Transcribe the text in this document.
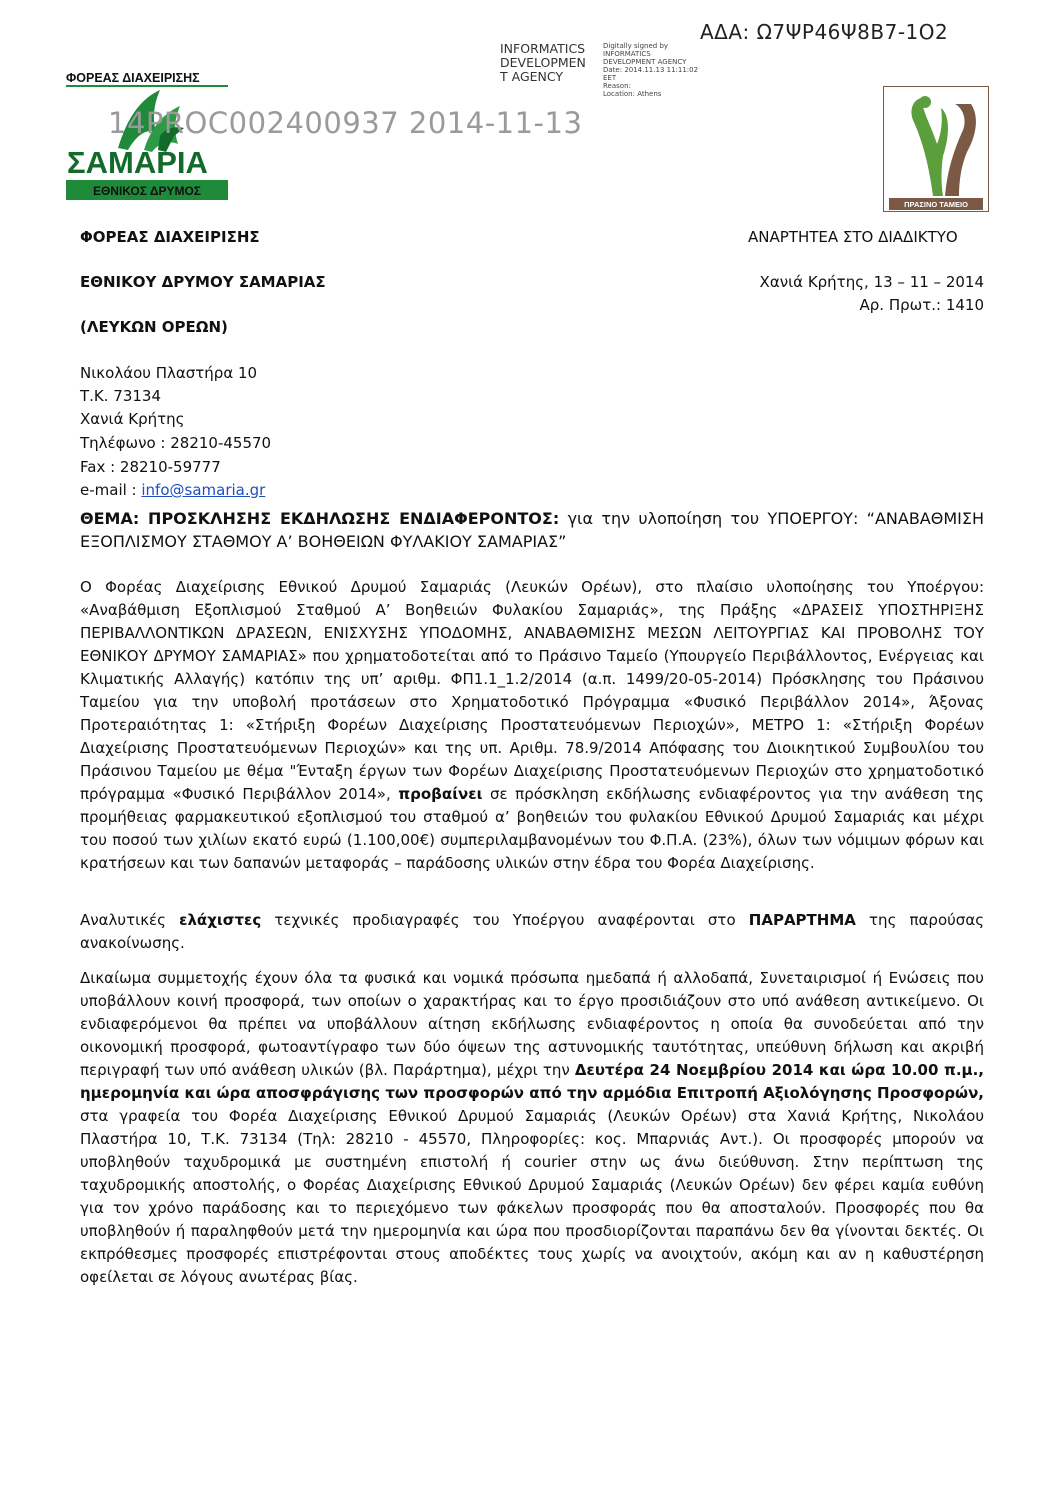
ΑΔΑ: Ω7ΨΡ46Ψ8Β7-1Ο2
INFORMATICS
DEVELOPMEN
T AGENCY
Digitally signed by
INFORMATICS
DEVELOPMENT AGENCY
Date: 2014.11.13 11:11:02
EET
Reason:
Location: Athens
ΦΟΡΕΑΣ ΔΙΑΧΕΙΡΙΣΗΣ
ΣΑΜΑΡΙΑ
ΕΘΝΙΚΟΣ ΔΡΥΜΟΣ
14PROC002400937 2014-11-13
ΠΡΑΣΙΝΟ ΤΑΜΕΙΟ
ΦΟΡΕΑΣ ΔΙΑΧΕΙΡΙΣΗΣ
ΕΘΝΙΚΟΥ ΔΡΥΜΟΥ ΣΑΜΑΡΙΑΣ
(ΛΕΥΚΩΝ ΟΡΕΩΝ)
ΑΝΑΡΤΗΤΕΑ ΣΤΟ ΔΙΑΔΙΚΤΥΟ
Χανιά Κρήτης, 13 – 11 – 2014
Αρ. Πρωτ.: 1410
Νικολάου Πλαστήρα 10
Τ.Κ. 73134
Χανιά Κρήτης
Τηλέφωνο : 28210-45570
Fax : 28210-59777
e-mail : info@samaria.gr
ΘΕΜΑ: ΠΡΟΣΚΛΗΣΗΣ ΕΚΔΗΛΩΣΗΣ ΕΝΔΙΑΦΕΡΟΝΤΟΣ: για την υλοποίηση του ΥΠΟΕΡΓΟΥ: “ΑΝΑΒΑΘΜΙΣΗ ΕΞΟΠΛΙΣΜΟΥ ΣΤΑΘΜΟΥ Α’ ΒΟΗΘΕΙΩΝ ΦΥΛΑΚΙΟΥ ΣΑΜΑΡΙΑΣ”
Ο Φορέας Διαχείρισης Εθνικού Δρυμού Σαμαριάς (Λευκών Ορέων), στο πλαίσιο υλοποίησης του Υποέργου: «Αναβάθμιση Εξοπλισμού Σταθμού Α’ Βοηθειών Φυλακίου Σαμαριάς», της Πράξης «ΔΡΑΣΕΙΣ ΥΠΟΣΤΗΡΙΞΗΣ ΠΕΡΙΒΑΛΛΟΝΤΙΚΩΝ ΔΡΑΣΕΩΝ, ΕΝΙΣΧΥΣΗΣ ΥΠΟΔΟΜΗΣ, ΑΝΑΒΑΘΜΙΣΗΣ ΜΕΣΩΝ ΛΕΙΤΟΥΡΓΙΑΣ ΚΑΙ ΠΡΟΒΟΛΗΣ ΤΟΥ ΕΘΝΙΚΟΥ ΔΡΥΜΟΥ ΣΑΜΑΡΙΑΣ» που χρηματοδοτείται από το Πράσινο Ταμείο (Υπουργείο Περιβάλλοντος, Ενέργειας και Κλιματικής Αλλαγής) κατόπιν της υπ’ αριθμ. ΦΠ1.1_1.2/2014 (α.π. 1499/20-05-2014) Πρόσκλησης του Πράσινου Ταμείου για την υποβολή προτάσεων στο Χρηματοδοτικό Πρόγραμμα «Φυσικό Περιβάλλον 2014», Άξονας Προτεραιότητας 1: «Στήριξη Φορέων Διαχείρισης Προστατευόμενων Περιοχών», ΜΕΤΡΟ 1: «Στήριξη Φορέων Διαχείρισης Προστατευόμενων Περιοχών» και της υπ. Αριθμ. 78.9/2014 Απόφασης του Διοικητικού Συμβουλίου του Πράσινου Ταμείου με θέμα "Ένταξη έργων των Φορέων Διαχείρισης Προστατευόμενων Περιοχών στο χρηματοδοτικό πρόγραμμα «Φυσικό Περιβάλλον 2014», προβαίνει σε πρόσκληση εκδήλωσης ενδιαφέροντος για την ανάθεση της προμήθειας φαρμακευτικού εξοπλισμού του σταθμού α’ βοηθειών του φυλακίου Εθνικού Δρυμού Σαμαριάς και μέχρι του ποσού των χιλίων εκατό ευρώ (1.100,00€) συμπεριλαμβανομένων του Φ.Π.Α. (23%), όλων των νόμιμων φόρων και κρατήσεων και των δαπανών μεταφοράς – παράδοσης υλικών στην έδρα του Φορέα Διαχείρισης.
Αναλυτικές ελάχιστες τεχνικές προδιαγραφές του Υποέργου αναφέρονται στο ΠΑΡΑΡΤΗΜΑ της παρούσας ανακοίνωσης.
Δικαίωμα συμμετοχής έχουν όλα τα φυσικά και νομικά πρόσωπα ημεδαπά ή αλλοδαπά, Συνεταιρισμοί ή Ενώσεις που υποβάλλουν κοινή προσφορά, των οποίων ο χαρακτήρας και το έργο προσιδιάζουν στο υπό ανάθεση αντικείμενο. Οι ενδιαφερόμενοι θα πρέπει να υποβάλλουν αίτηση εκδήλωσης ενδιαφέροντος η οποία θα συνοδεύεται από την οικονομική προσφορά, φωτοαντίγραφο των δύο όψεων της αστυνομικής ταυτότητας, υπεύθυνη δήλωση και ακριβή περιγραφή των υπό ανάθεση υλικών (βλ. Παράρτημα), μέχρι την Δευτέρα 24 Νοεμβρίου 2014 και ώρα 10.00 π.μ., ημερομηνία και ώρα αποσφράγισης των προσφορών από την αρμόδια Επιτροπή Αξιολόγησης Προσφορών, στα γραφεία του Φορέα Διαχείρισης Εθνικού Δρυμού Σαμαριάς (Λευκών Ορέων) στα Χανιά Κρήτης, Νικολάου Πλαστήρα 10, Τ.Κ. 73134 (Τηλ: 28210 - 45570, Πληροφορίες: κος. Μπαρνιάς Αντ.). Οι προσφορές μπορούν να υποβληθούν ταχυδρομικά με συστημένη επιστολή ή courier στην ως άνω διεύθυνση. Στην περίπτωση της ταχυδρομικής αποστολής, ο Φορέας Διαχείρισης Εθνικού Δρυμού Σαμαριάς (Λευκών Ορέων) δεν φέρει καμία ευθύνη για τον χρόνο παράδοσης και το περιεχόμενο των φάκελων προσφοράς που θα αποσταλούν. Προσφορές που θα υποβληθούν ή παραληφθούν μετά την ημερομηνία και ώρα που προσδιορίζονται παραπάνω δεν θα γίνονται δεκτές. Οι εκπρόθεσμες προσφορές επιστρέφονται στους αποδέκτες τους χωρίς να ανοιχτούν, ακόμη και αν η καθυστέρηση οφείλεται σε λόγους ανωτέρας βίας.
